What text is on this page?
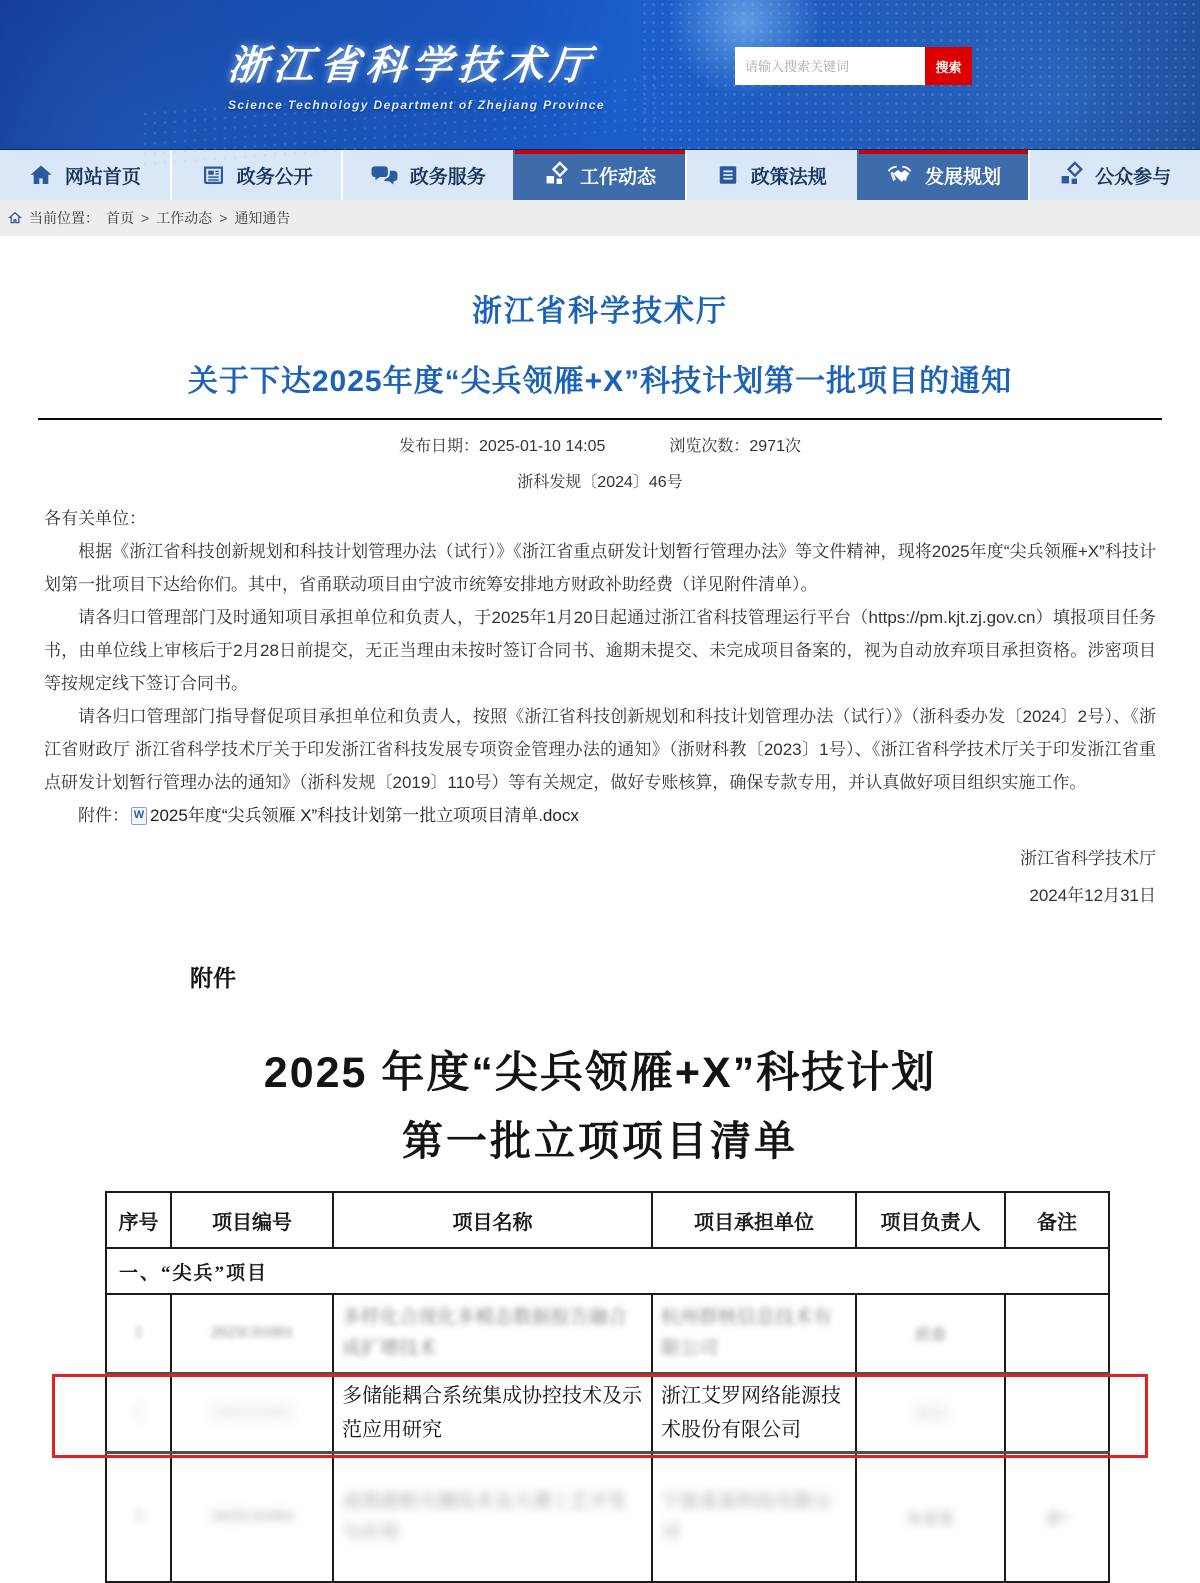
浙江省科学技术厅
Science Technology Department of Zhejiang Province
请输入搜索关键词
搜索
网站首页	政务公开	政务服务	工作动态	政策法规	发展规划	公众参与
当前位置： 首页 > 工作动态 > 通知通告
浙江省科学技术厅
关于下达2025年度“尖兵领雁+X”科技计划第一批项目的通知
发布日期：2025-01-10 14:05	浏览次数：2971次
浙科发规〔2024〕46号

各有关单位：

根据《浙江省科技创新规划和科技计划管理办法（试行）》《浙江省重点研发计划暂行管理办法》等文件精神，现将2025年度“尖兵领雁+X”科技计划第一批项目下达给你们。其中，省甬联动项目由宁波市统筹安排地方财政补助经费（详见附件清单）。

请各归口管理部门及时通知项目承担单位和负责人，于2025年1月20日起通过浙江省科技管理运行平台（https://pm.kjt.zj.gov.cn）填报项目任务书，由单位线上审核后于2月28日前提交，无正当理由未按时签订合同书、逾期未提交、未完成项目备案的，视为自动放弃项目承担资格。涉密项目等按规定线下签订合同书。

请各归口管理部门指导督促项目承担单位和负责人，按照《浙江省科技创新规划和科技计划管理办法（试行）》（浙科委办发〔2024〕2号）、《浙江省财政厅 浙江省科学技术厅关于印发浙江省科技发展专项资金管理办法的通知》（浙财科教〔2023〕1号）、《浙江省科学技术厅关于印发浙江省重点研发计划暂行管理办法的通知》（浙科发规〔2019〕110号）等有关规定，做好专账核算，确保专款专用，并认真做好项目组织实施工作。

附件： W 2025年度“尖兵领雁 X”科技计划第一批立项项目清单.docx
浙江省科学技术厅
2024年12月31日
附件
2025 年度“尖兵领雁+X”科技计划
第一批立项项目清单
序号	项目编号	项目名称	项目承担单位	项目负责人	备注
一、“尖兵”项目					
1	2025C01001	多样化合现化多模态数据报告融合成扩增技术	杭州群核信息技术有限公司	质春	
2	2025C01002	多储能耦合系统集成协控技术及示范应用研究	浙江艾罗网络能源技术股份有限公司	张某	
3	2025C01003	高效液相关键技术及天薄工艺开发与应用	宁波某某科技有限公司	朱某某	甬*
